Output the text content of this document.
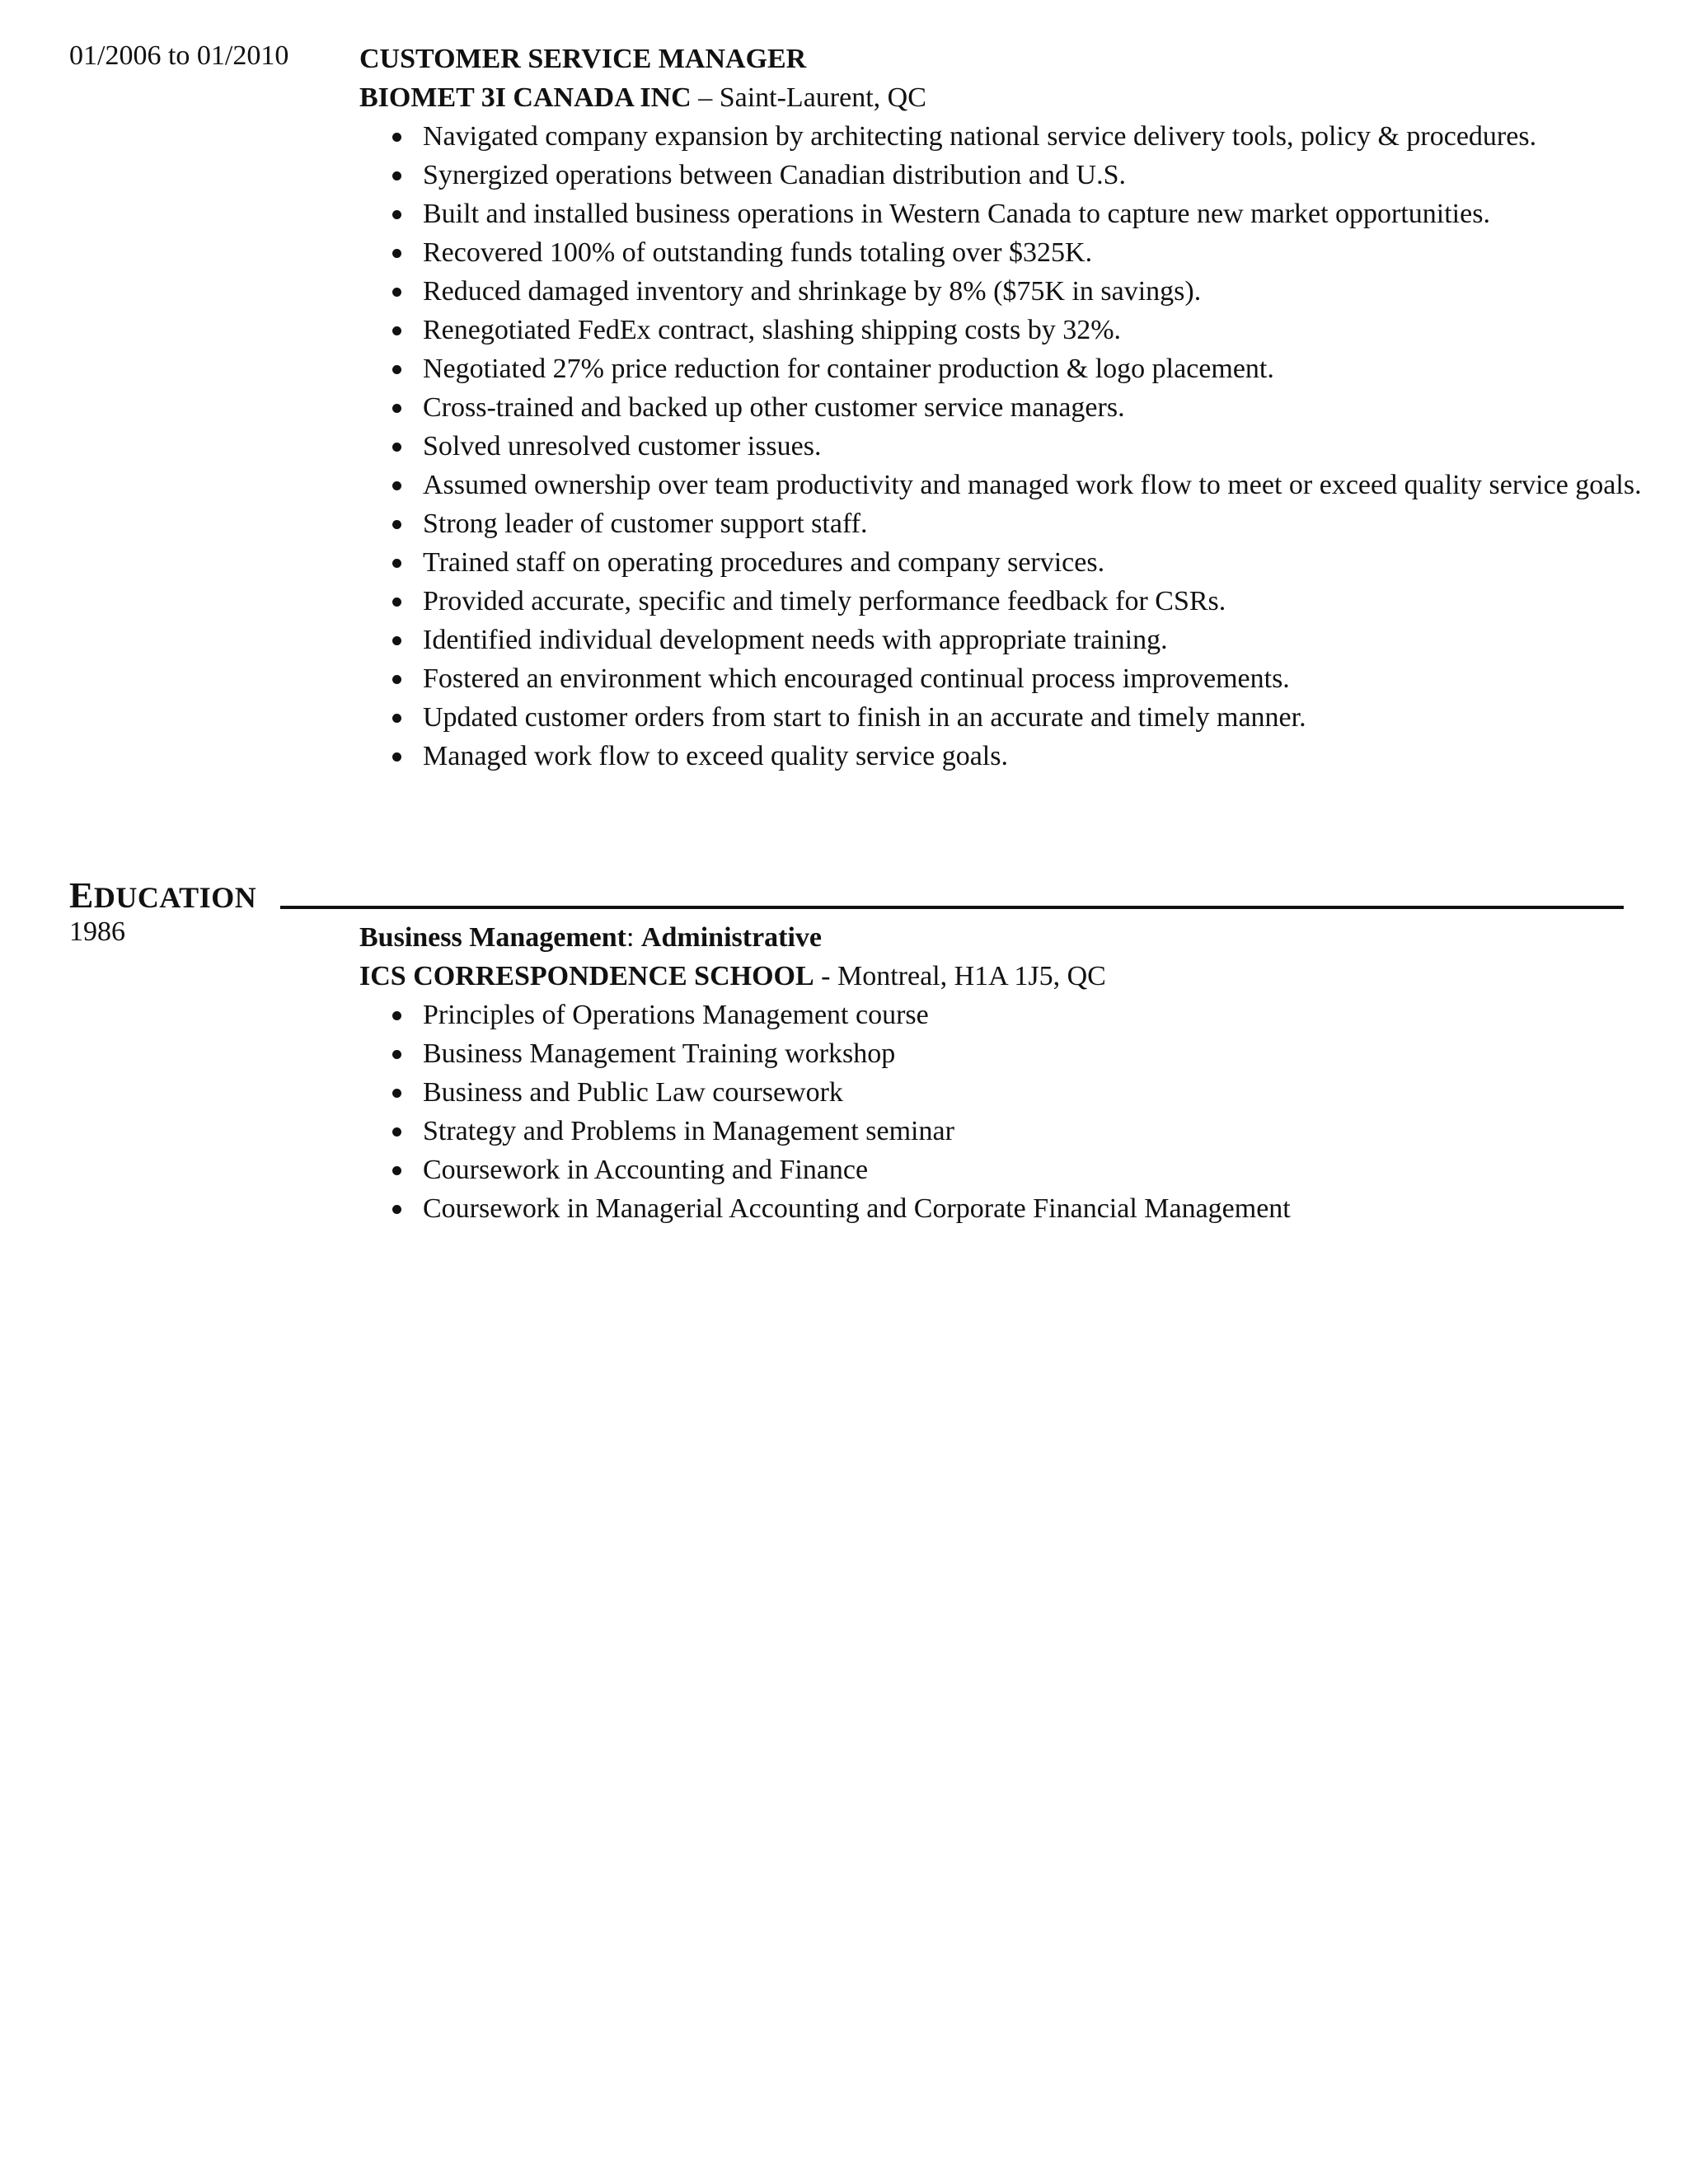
01/2006 to 01/2010	CUSTOMER SERVICE MANAGER
BIOMET 3I CANADA INC – Saint-Laurent, QC
Navigated company expansion by architecting national service delivery tools, policy & procedures.
Synergized operations between Canadian distribution and U.S.
Built and installed business operations in Western Canada to capture new market opportunities.
Recovered 100% of outstanding funds totaling over $325K.
Reduced damaged inventory and shrinkage by 8% ($75K in savings).
Renegotiated FedEx contract, slashing shipping costs by 32%.
Negotiated 27% price reduction for container production & logo placement.
Cross-trained and backed up other customer service managers.
Solved unresolved customer issues.
Assumed ownership over team productivity and managed work flow to meet or exceed quality service goals.
Strong leader of customer support staff.
Trained staff on operating procedures and company services.
Provided accurate, specific and timely performance feedback for CSRs.
Identified individual development needs with appropriate training.
Fostered an environment which encouraged continual process improvements.
Updated customer orders from start to finish in an accurate and timely manner.
Managed work flow to exceed quality service goals.
EDUCATION
1986	Business Management: Administrative
ICS CORRESPONDENCE SCHOOL - Montreal, H1A 1J5, QC
Principles of Operations Management course
Business Management Training workshop
Business and Public Law coursework
Strategy and Problems in Management seminar
Coursework in Accounting and Finance
Coursework in Managerial Accounting and Corporate Financial Management
